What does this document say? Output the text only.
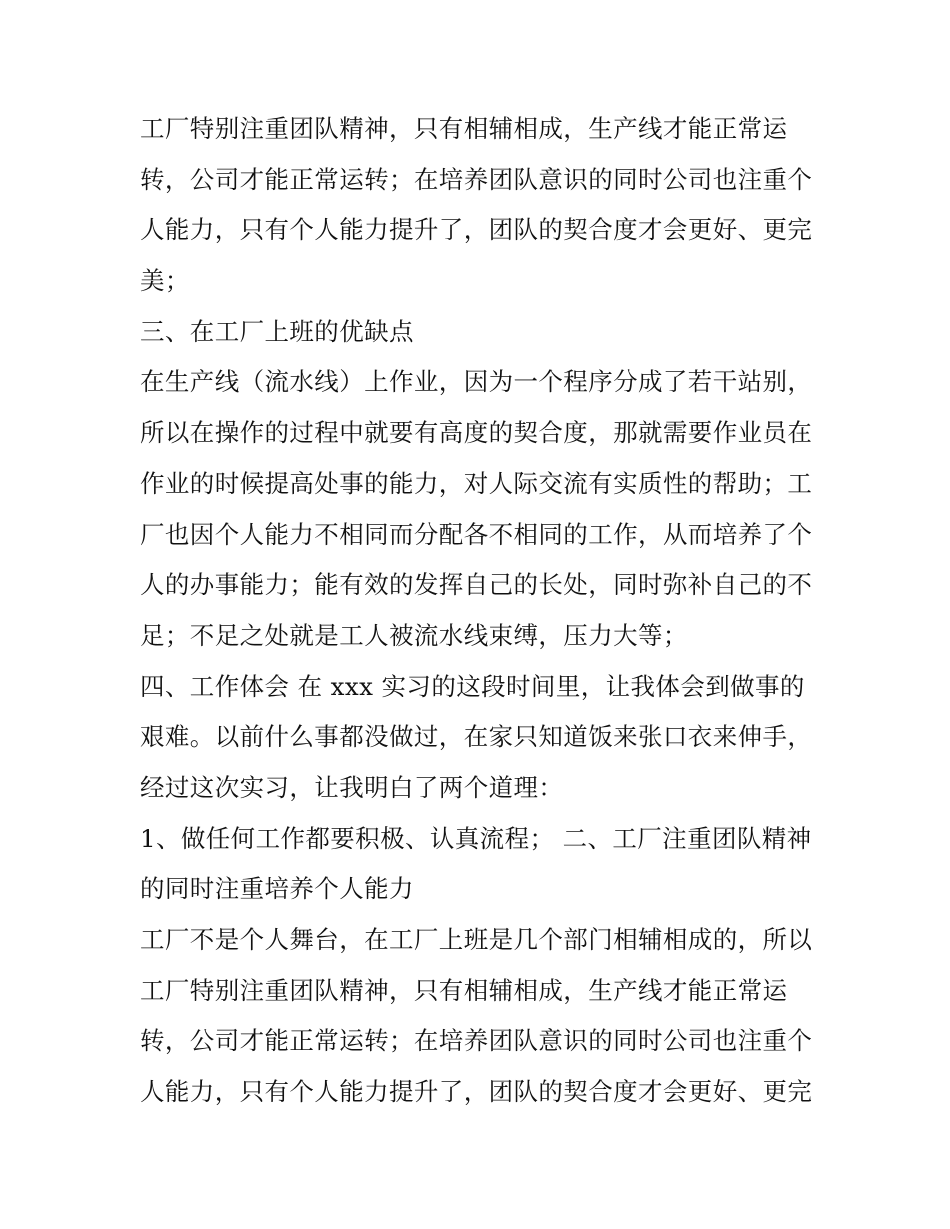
工厂特别注重团队精神，只有相辅相成，生产线才能正常运
转，公司才能正常运转；在培养团队意识的同时公司也注重个
人能力，只有个人能力提升了，团队的契合度才会更好、更完
美；
三、在工厂上班的优缺点
在生产线（流水线）上作业，因为一个程序分成了若干站别，
所以在操作的过程中就要有高度的契合度，那就需要作业员在
作业的时候提高处事的能力，对人际交流有实质性的帮助；工
厂也因个人能力不相同而分配各不相同的工作，从而培养了个
人的办事能力；能有效的发挥自己的长处，同时弥补自己的不
足；不足之处就是工人被流水线束缚，压力大等；
四、工作体会 在 xxx 实习的这段时间里，让我体会到做事的
艰难。以前什么事都没做过，在家只知道饭来张口衣来伸手，
经过这次实习，让我明白了两个道理：
1、做任何工作都要积极、认真流程； 二、工厂注重团队精神
的同时注重培养个人能力
工厂不是个人舞台，在工厂上班是几个部门相辅相成的，所以
工厂特别注重团队精神，只有相辅相成，生产线才能正常运
转，公司才能正常运转；在培养团队意识的同时公司也注重个
人能力，只有个人能力提升了，团队的契合度才会更好、更完
